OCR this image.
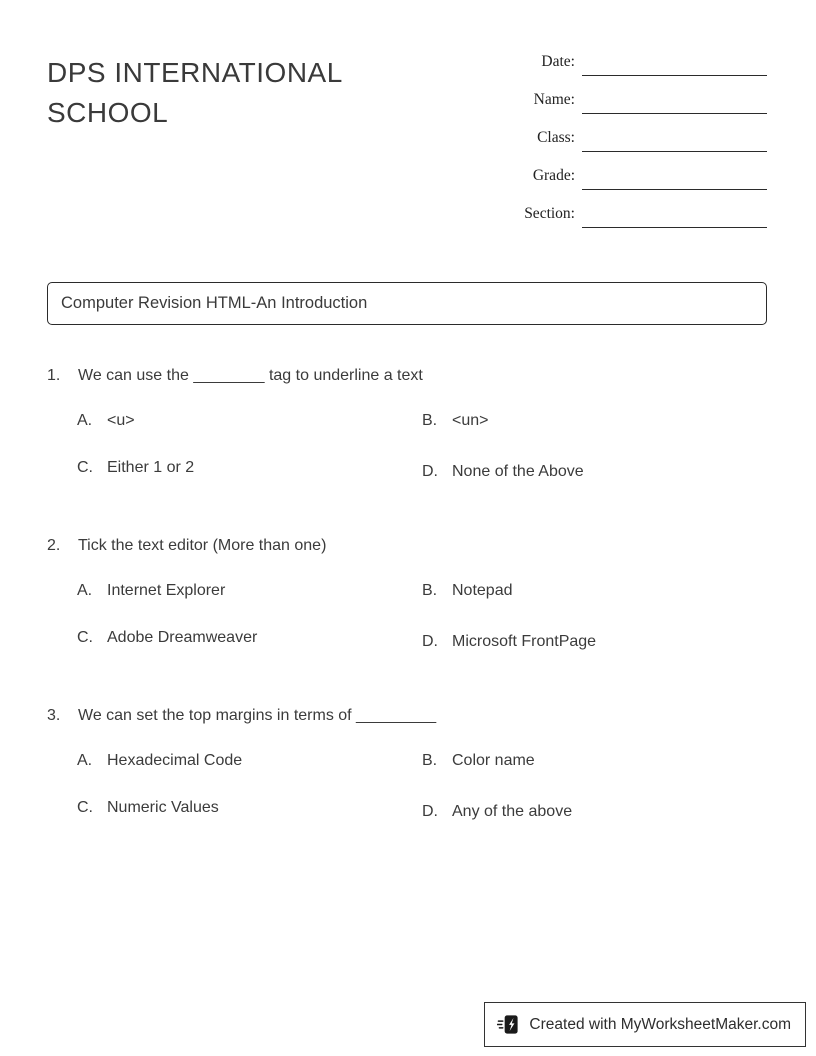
DPS INTERNATIONAL SCHOOL
Date:
Name:
Class:
Grade:
Section:
Computer Revision HTML-An Introduction
1.	We can use the ________ tag to underline a text
A. <u>	B. <un>
C. Either 1 or 2	D. None of the Above
2.	Tick the text editor (More than one)
A. Internet Explorer	B. Notepad
C. Adobe Dreamweaver	D. Microsoft FrontPage
3.	We can set the top margins in terms of _________
A. Hexadecimal Code	B. Color name
C. Numeric Values	D. Any of the above
Created with MyWorksheetMaker.com
